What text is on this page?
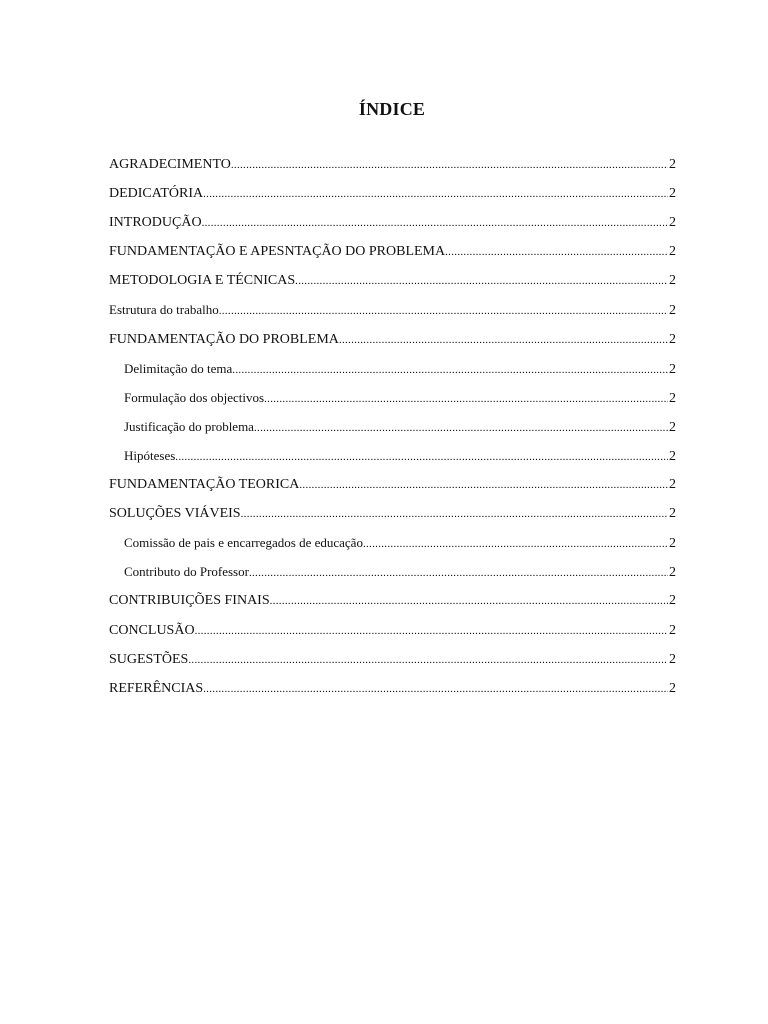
ÍNDICE
AGRADECIMENTO .....	2
DEDICATÓRIA .....	2
INTRODUÇÃO .....	2
FUNDAMENTAÇÃO E APESNTAÇÃO DO PROBLEMA .....	2
METODOLOGIA E TÉCNICAS .....	2
Estrutura do trabalho .....	2
FUNDAMENTAÇÃO DO PROBLEMA .....	2
Delimitação do tema .....	2
Formulação dos objectivos .....	2
Justificação do problema .....	2
Hipóteses .....	2
FUNDAMENTAÇÃO TEORICA .....	2
SOLUÇÕES VIÁVEIS .....	2
Comissão de pais e encarregados de educação .....	2
Contributo do Professor .....	2
CONTRIBUIÇÕES FINAIS .....	2
CONCLUSÃO .....	2
SUGESTÕES .....	2
REFERÊNCIAS .....	2
